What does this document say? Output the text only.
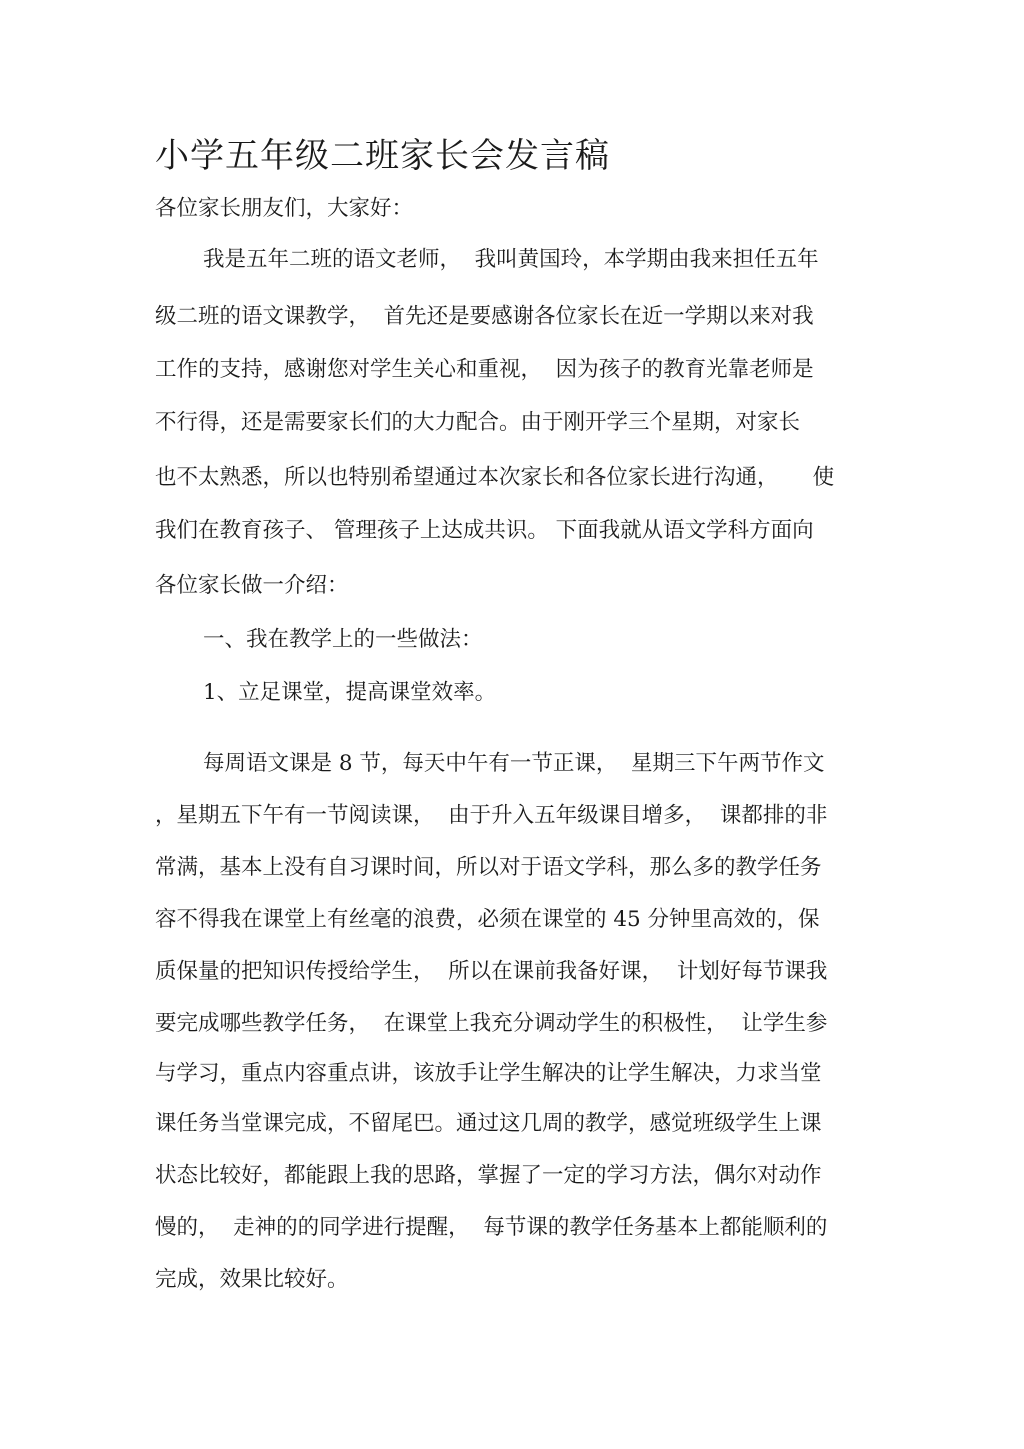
小学五年级二班家长会发言稿

各位家长朋友们，大家好：

我是五年二班的语文老师，  我叫黄国玲，本学期由我来担任五年

级二班的语文课教学，  首先还是要感谢各位家长在近一学期以来对我

工作的支持，感谢您对学生关心和重视，  因为孩子的教育光靠老师是

不行得，还是需要家长们的大力配合。由于刚开学三个星期，对家长

也不太熟悉，所以也特别希望通过本次家长和各位家长进行沟通，     使

我们在教育孩子、 管理孩子上达成共识。 下面我就从语文学科方面向

各位家长做一介绍：

一、我在教学上的一些做法：

1、立足课堂，提高课堂效率。

每周语文课是 8 节，每天中午有一节正课，  星期三下午两节作文

，星期五下午有一节阅读课，  由于升入五年级课目增多，  课都排的非

常满，基本上没有自习课时间，所以对于语文学科，那么多的教学任务

容不得我在课堂上有丝毫的浪费，必须在课堂的 45 分钟里高效的，保

质保量的把知识传授给学生，  所以在课前我备好课，  计划好每节课我

要完成哪些教学任务，  在课堂上我充分调动学生的积极性，  让学生参

与学习，重点内容重点讲，该放手让学生解决的让学生解决，力求当堂

课任务当堂课完成，不留尾巴。通过这几周的教学，感觉班级学生上课

状态比较好，都能跟上我的思路，掌握了一定的学习方法，偶尔对动作

慢的，  走神的的同学进行提醒，  每节课的教学任务基本上都能顺利的

完成，效果比较好。
